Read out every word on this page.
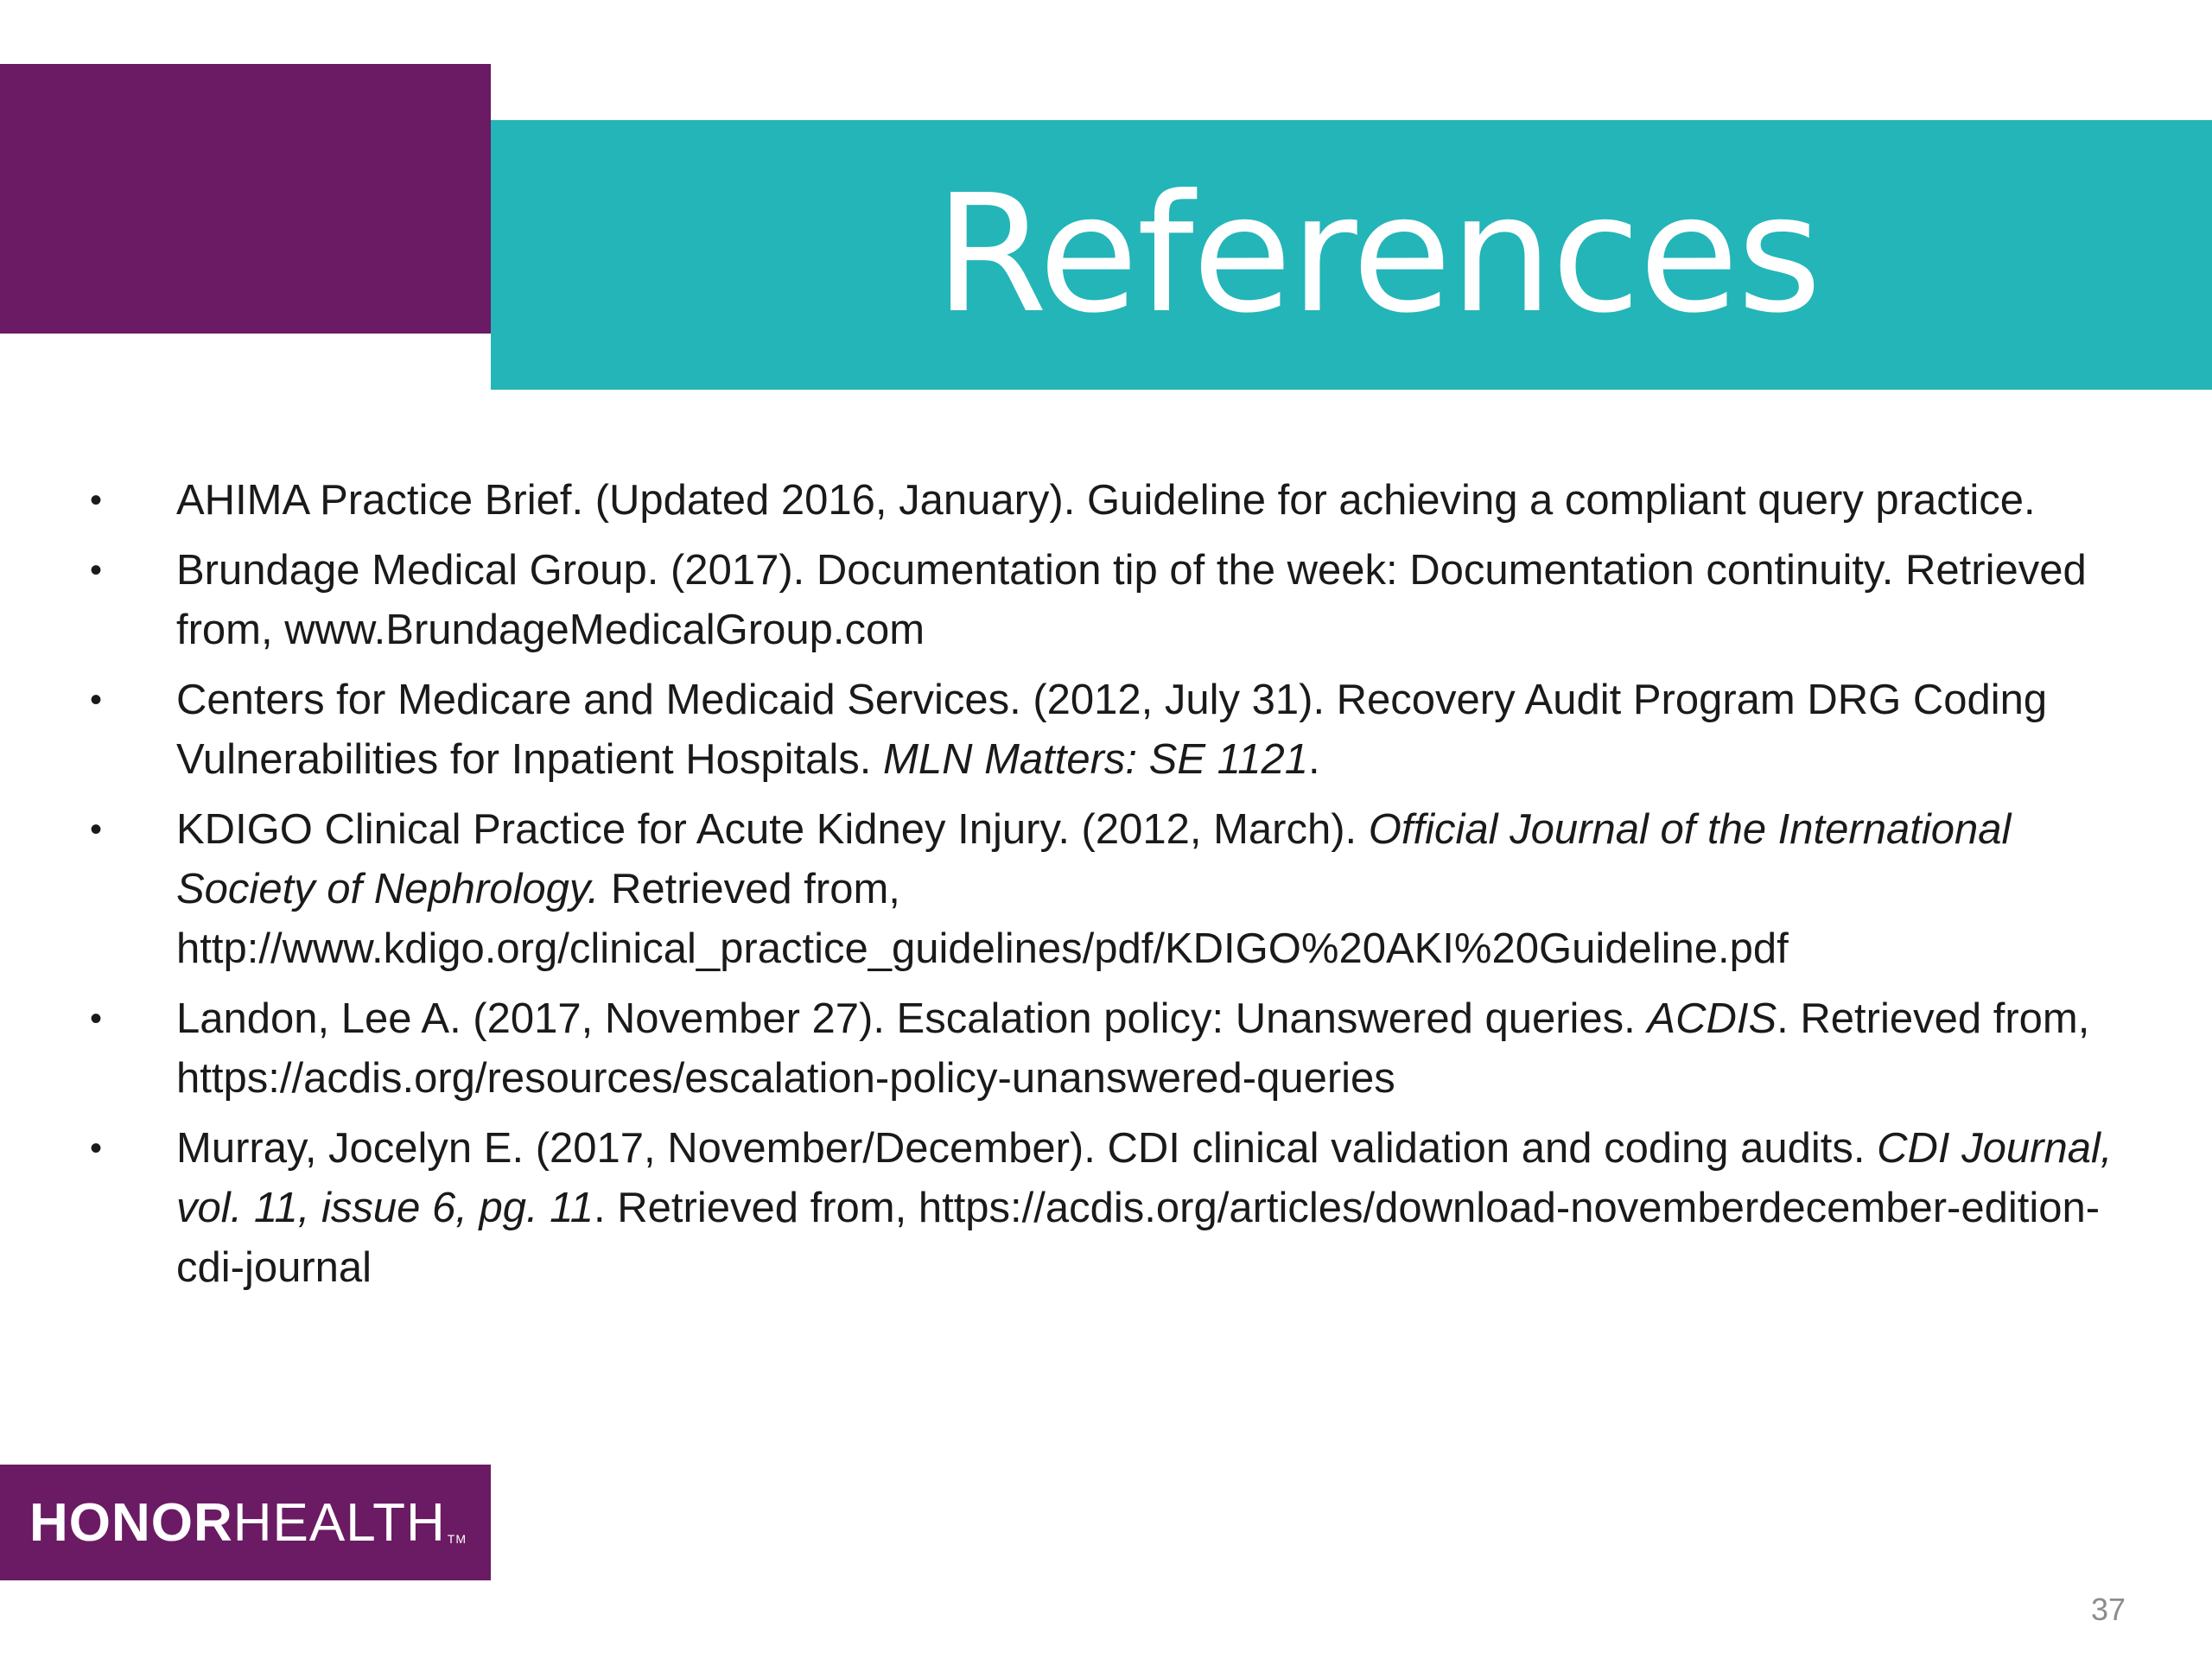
References
• AHIMA Practice Brief. (Updated 2016, January). Guideline for achieving a compliant query practice.
• Brundage Medical Group. (2017). Documentation tip of the week: Documentation continuity. Retrieved from, www.BrundageMedicalGroup.com
• Centers for Medicare and Medicaid Services. (2012, July 31). Recovery Audit Program DRG Coding Vulnerabilities for Inpatient Hospitals. MLN Matters: SE 1121.
• KDIGO Clinical Practice for Acute Kidney Injury. (2012, March). Official Journal of the International Society of Nephrology. Retrieved from, http://www.kdigo.org/clinical_practice_guidelines/pdf/KDIGO%20AKI%20Guideline.pdf
• Landon, Lee A. (2017, November 27). Escalation policy: Unanswered queries. ACDIS. Retrieved from, https://acdis.org/resources/escalation-policy-unanswered-queries
• Murray, Jocelyn E. (2017, November/December). CDI clinical validation and coding audits. CDI Journal, vol. 11, issue 6, pg. 11. Retrieved from, https://acdis.org/articles/download-novemberdecember-edition-cdi-journal
HONOR HEALTH TM
37
